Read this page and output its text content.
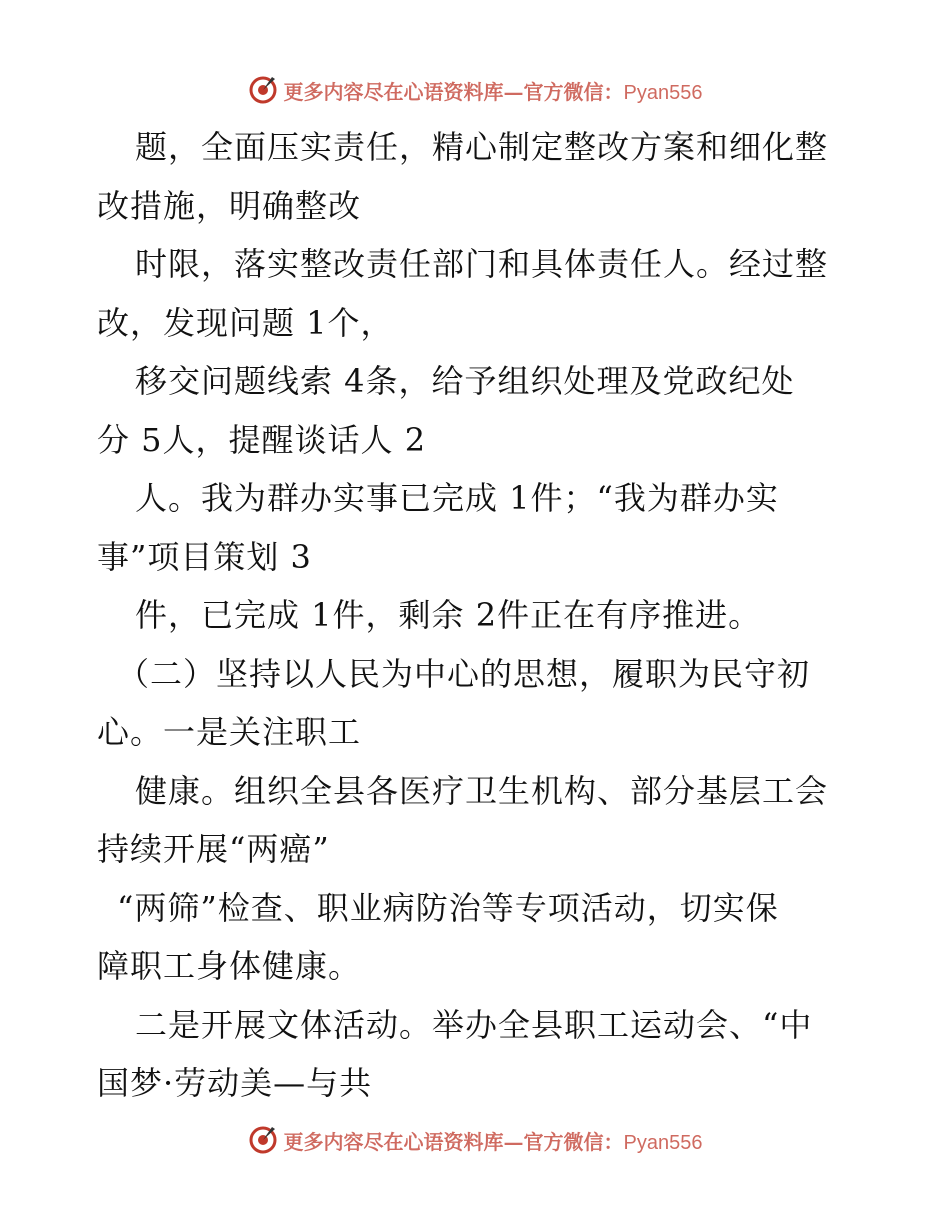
更多内容尽在心语资料库—官方微信：Pyan556
题，全面压实责任，精心制定整改方案和细化整
改措施，明确整改
时限，落实整改责任部门和具体责任人。经过整
改，发现问题 1个，
移交问题线索 4条，给予组织处理及党政纪处
分 5人，提醒谈话人 2
人。我为群办实事已完成 1件；“我为群办实
事”项目策划 3
件，已完成 1件，剩余 2件正在有序推进。
（二）坚持以人民为中心的思想，履职为民守初
心。一是关注职工
健康。组织全县各医疗卫生机构、部分基层工会
持续开展“两癌”
“两筛”检查、职业病防治等专项活动，切实保
障职工身体健康。
二是开展文体活动。举办全县职工运动会、“中
国梦·劳动美—与共
更多内容尽在心语资料库—官方微信：Pyan556
